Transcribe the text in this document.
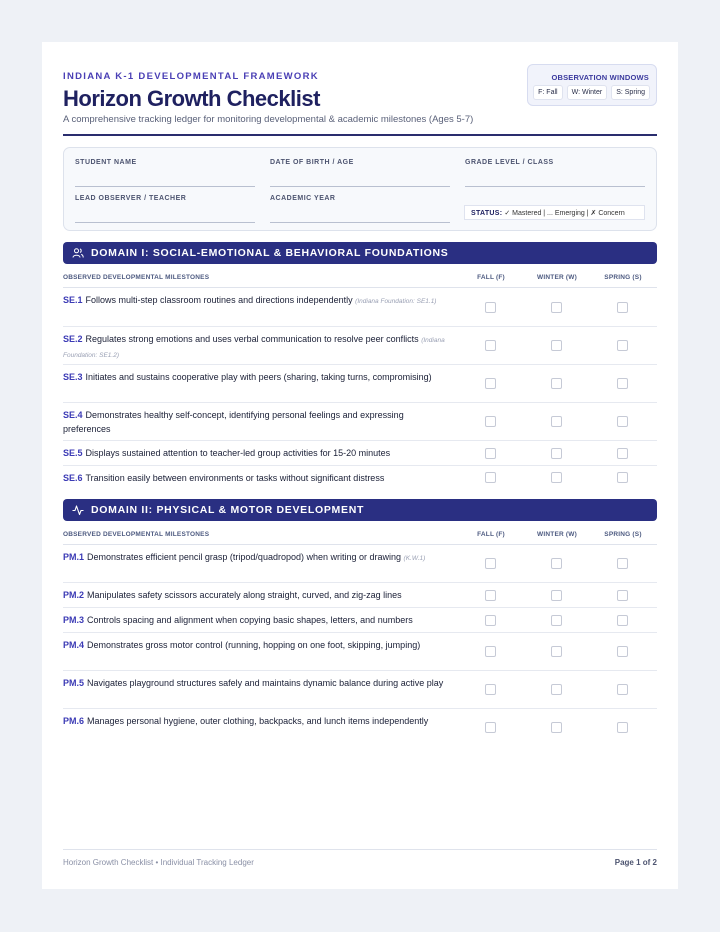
INDIANA K-1 DEVELOPMENTAL FRAMEWORK
Horizon Growth Checklist
A comprehensive tracking ledger for monitoring developmental & academic milestones (Ages 5-7)
OBSERVATION WINDOWS
F: Fall	W: Winter	S: Spring
STUDENT NAME	DATE OF BIRTH / AGE	GRADE LEVEL / CLASS
LEAD OBSERVER / TEACHER	ACADEMIC YEAR
STATUS: ✓ Mastered | ... Emerging | ✗ Concern
DOMAIN I: SOCIAL-EMOTIONAL & BEHAVIORAL FOUNDATIONS
OBSERVED DEVELOPMENTAL MILESTONES	FALL (F)	WINTER (W)	SPRING (S)
SE.1 Follows multi-step classroom routines and directions independently (Indiana Foundation: SE1.1)
SE.2 Regulates strong emotions and uses verbal communication to resolve peer conflicts (Indiana Foundation: SE1.2)
SE.3 Initiates and sustains cooperative play with peers (sharing, taking turns, compromising)
SE.4 Demonstrates healthy self-concept, identifying personal feelings and expressing preferences
SE.5 Displays sustained attention to teacher-led group activities for 15-20 minutes
SE.6 Transition easily between environments or tasks without significant distress
DOMAIN II: PHYSICAL & MOTOR DEVELOPMENT
OBSERVED DEVELOPMENTAL MILESTONES	FALL (F)	WINTER (W)	SPRING (S)
PM.1 Demonstrates efficient pencil grasp (tripod/quadropod) when writing or drawing (K.W.1)
PM.2 Manipulates safety scissors accurately along straight, curved, and zig-zag lines
PM.3 Controls spacing and alignment when copying basic shapes, letters, and numbers
PM.4 Demonstrates gross motor control (running, hopping on one foot, skipping, jumping)
PM.5 Navigates playground structures safely and maintains dynamic balance during active play
PM.6 Manages personal hygiene, outer clothing, backpacks, and lunch items independently
Horizon Growth Checklist • Individual Tracking Ledger	Page 1 of 2
